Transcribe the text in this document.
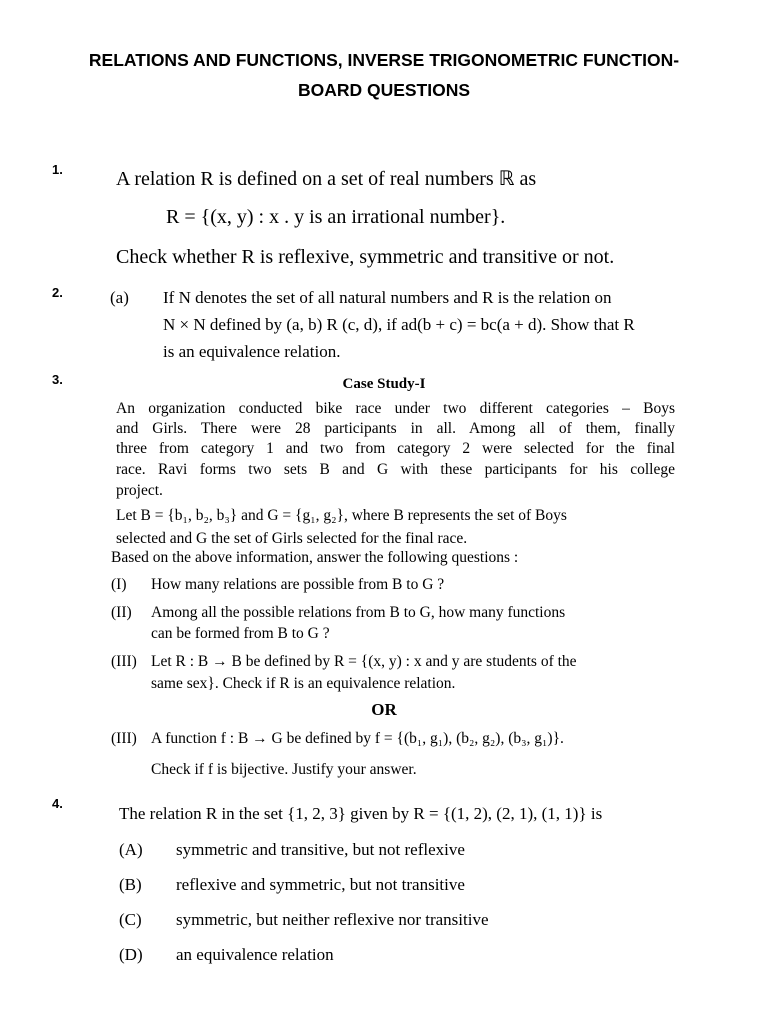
RELATIONS AND FUNCTIONS, INVERSE TRIGONOMETRIC FUNCTION-
BOARD QUESTIONS
1.	A relation R is defined on a set of real numbers ℝ as
R = {(x, y) : x . y is an irrational number}.
Check whether R is reflexive, symmetric and transitive or not.
2.	(a) If N denotes the set of all natural numbers and R is the relation on
N × N defined by (a, b) R (c, d), if ad(b + c) = bc(a + d). Show that R
is an equivalence relation.
3.	Case Study-I
An organization conducted bike race under two different categories – Boys
and Girls. There were 28 participants in all. Among all of them, finally
three from category 1 and two from category 2 were selected for the final
race. Ravi forms two sets B and G with these participants for his college
project.
Let B = {b₁, b₂, b₃} and G = {g₁, g₂}, where B represents the set of Boys
selected and G the set of Girls selected for the final race.
Based on the above information, answer the following questions :
(I) How many relations are possible from B to G ?
(II) Among all the possible relations from B to G, how many functions
can be formed from B to G ?
(III) Let R : B → B be defined by R = {(x, y) : x and y are students of the
same sex}. Check if R is an equivalence relation.
OR
(III) A function f : B → G be defined by f = {(b₁, g₁), (b₂, g₂), (b₃, g₁)}.
Check if f is bijective. Justify your answer.
4.
The relation R in the set {1, 2, 3} given by R = {(1, 2), (2, 1), (1, 1)} is
(A) symmetric and transitive, but not reflexive
(B) reflexive and symmetric, but not transitive
(C) symmetric, but neither reflexive nor transitive
(D) an equivalence relation
